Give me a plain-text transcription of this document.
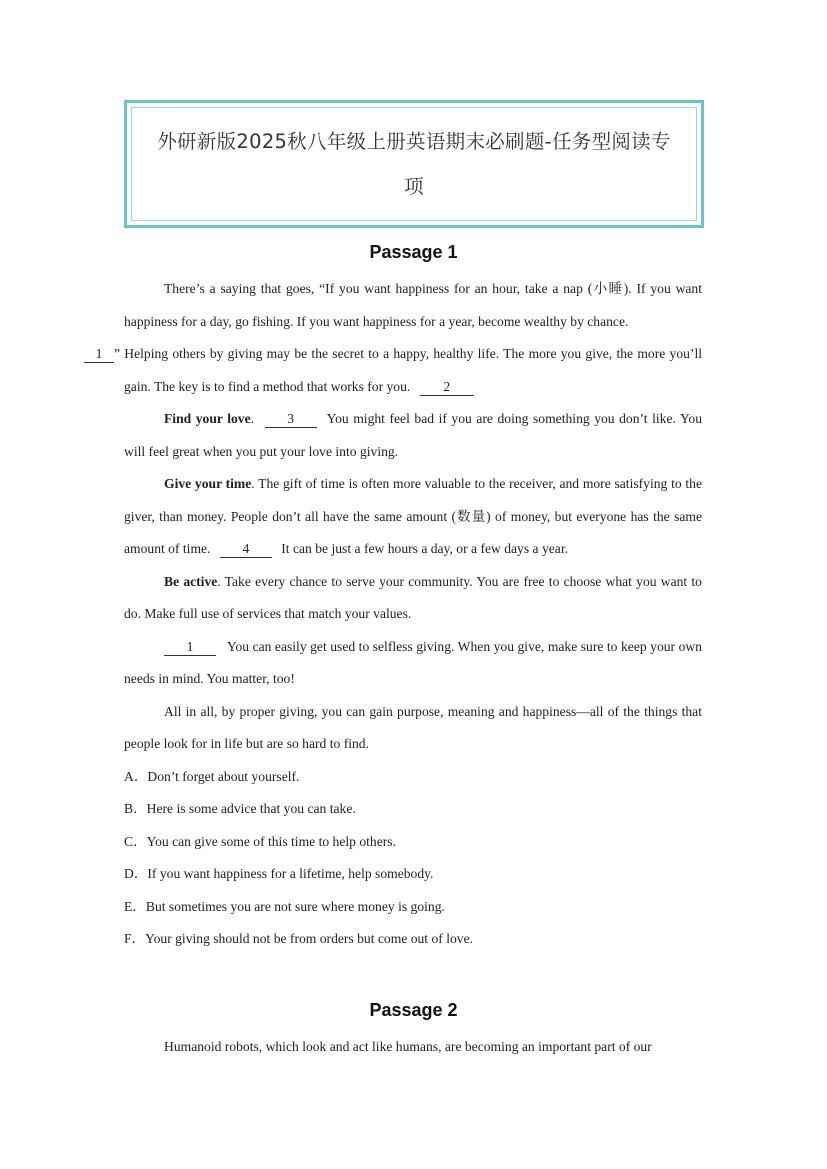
外研新版2025秋八年级上册英语期末必刷题-任务型阅读专项
Passage 1

There’s a saying that goes, “If you want happiness for an hour, take a nap (小睡). If you want happiness for a day, go fishing. If you want happiness for a year, become wealthy by chance.
1 ” Helping others by giving may be the secret to a happy, healthy life. The more you give, the more you’ll gain. The key is to find a method that works for you. 2

Find your love. 3 You might feel bad if you are doing something you don’t like. You will feel great when you put your love into giving.

Give your time. The gift of time is often more valuable to the receiver, and more satisfying to the giver, than money. People don’t all have the same amount (数量) of money, but everyone has the same amount of time. 4 It can be just a few hours a day, or a few days a year.

Be active. Take every chance to serve your community. You are free to choose what you want to do. Make full use of services that match your values.

1 You can easily get used to selfless giving. When you give, make sure to keep your own needs in mind. You matter, too!

All in all, by proper giving, you can gain purpose, meaning and happiness—all of the things that people look for in life but are so hard to find.

A．Don’t forget about yourself.

B．Here is some advice that you can take.

C．You can give some of this time to help others.

D．If you want happiness for a lifetime, help somebody.

E．But sometimes you are not sure where money is going.

F．Your giving should not be from orders but come out of love.

Passage 2

Humanoid robots, which look and act like humans, are becoming an important part of our
